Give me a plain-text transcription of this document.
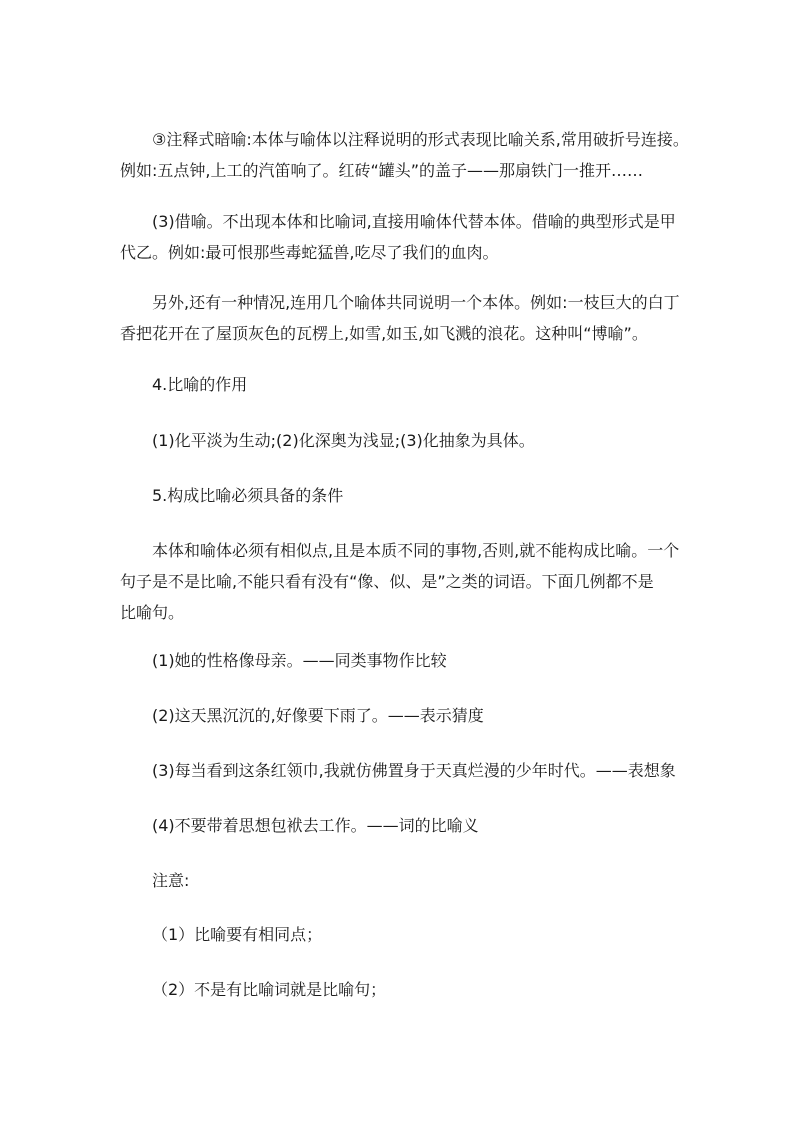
③注释式暗喻:本体与喻体以注释说明的形式表现比喻关系,常用破折号连接。
例如:五点钟,上工的汽笛响了。红砖“罐头”的盖子——那扇铁门一推开……

(3)借喻。不出现本体和比喻词,直接用喻体代替本体。借喻的典型形式是甲
代乙。例如:最可恨那些毒蛇猛兽,吃尽了我们的血肉。

另外,还有一种情况,连用几个喻体共同说明一个本体。例如:一枝巨大的白丁
香把花开在了屋顶灰色的瓦楞上,如雪,如玉,如飞溅的浪花。这种叫“博喻”。

4.比喻的作用

(1)化平淡为生动;(2)化深奥为浅显;(3)化抽象为具体。

5.构成比喻必须具备的条件

本体和喻体必须有相似点,且是本质不同的事物,否则,就不能构成比喻。一个
句子是不是比喻,不能只看有没有“像、似、是”之类的词语。下面几例都不是
比喻句。

(1)她的性格像母亲。——同类事物作比较

(2)这天黑沉沉的,好像要下雨了。——表示猜度

(3)每当看到这条红领巾,我就仿佛置身于天真烂漫的少年时代。——表想象

(4)不要带着思想包袱去工作。——词的比喻义

注意:

（1）比喻要有相同点；

（2）不是有比喻词就是比喻句；
